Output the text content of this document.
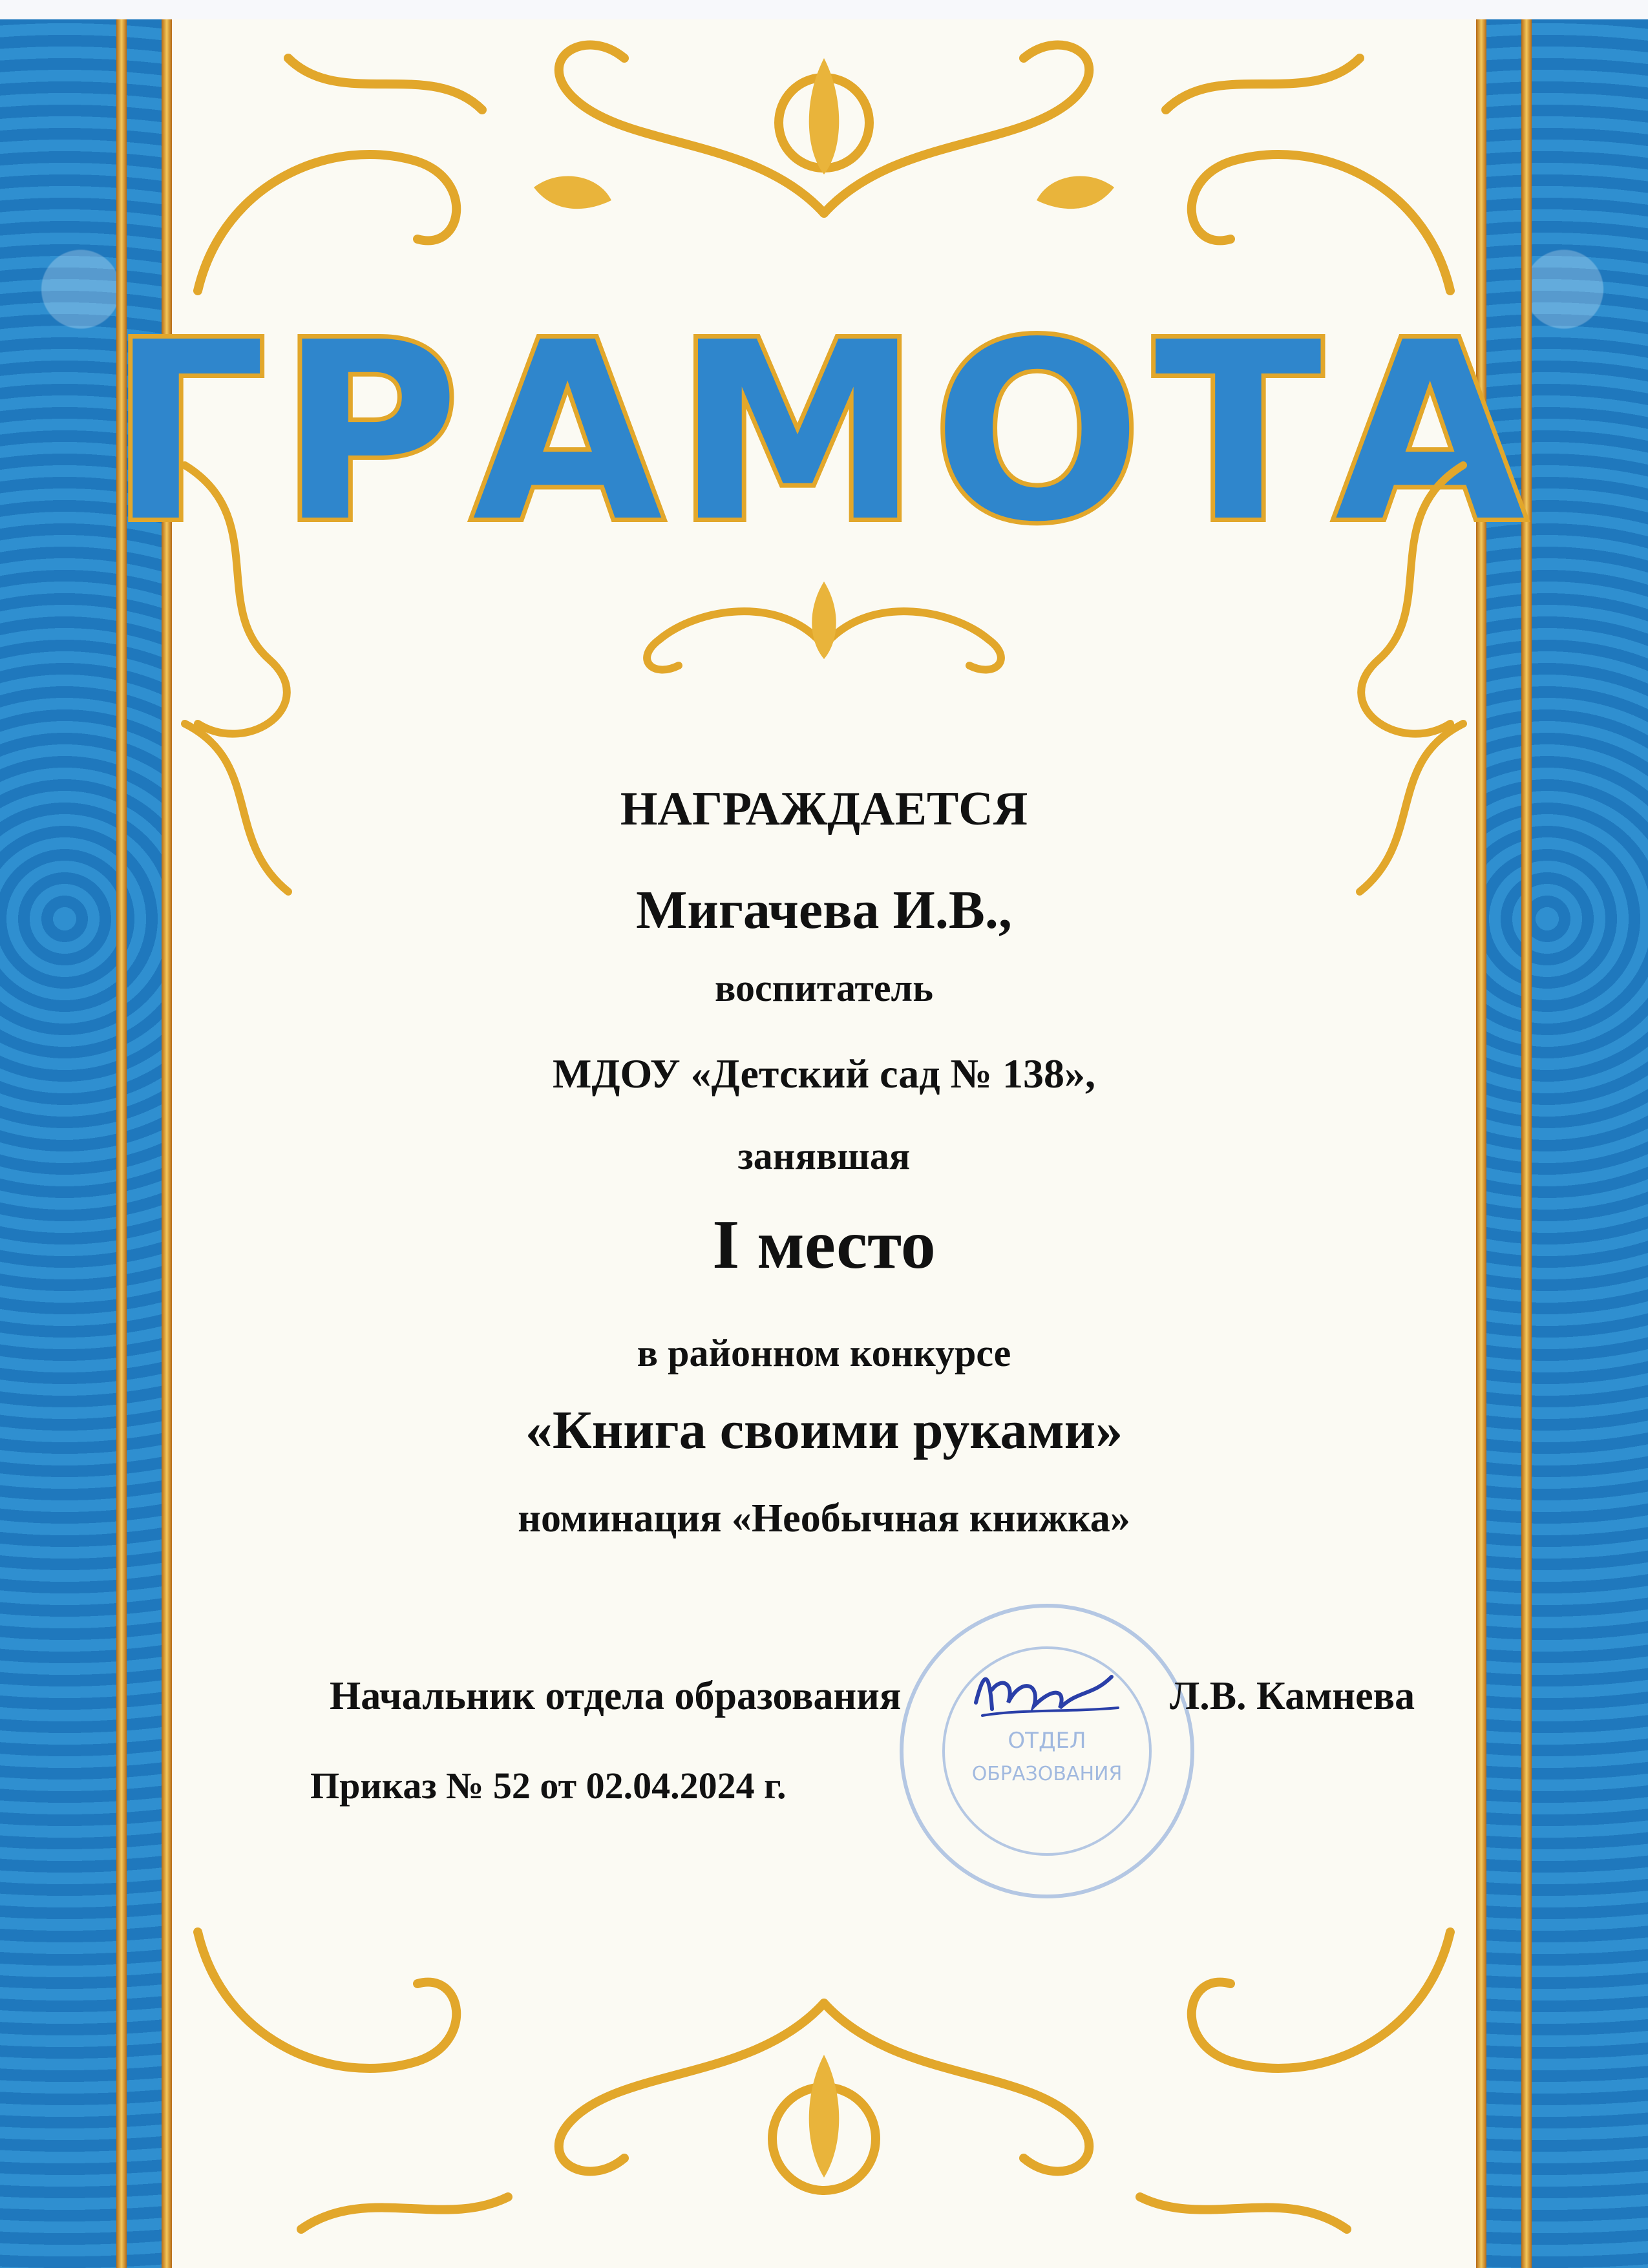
ГРАМОТА
НАГРАЖДАЕТСЯ
Мигачева И.В.,
воспитатель
МДОУ «Детский сад № 138»,
занявшая
I место
в районном конкурсе
«Книга своими руками»
номинация «Необычная книжка»
ОТДЕЛ
ОБРАЗОВАНИЯ
Начальник отдела образования	Л.В. Камнева
Приказ № 52 от 02.04.2024 г.
